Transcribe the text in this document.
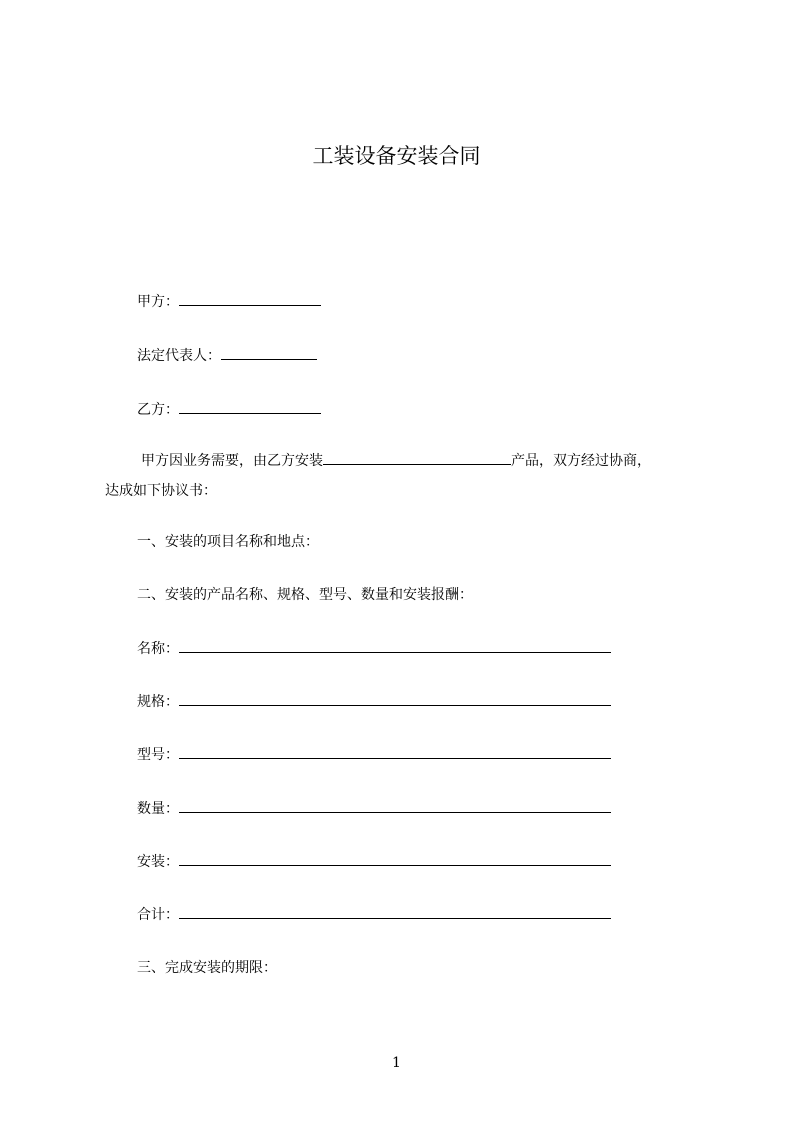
工装设备安装合同
甲方：
法定代表人：
乙方：
甲方因业务需要，由乙方安装	产品，双方经过协商，
达成如下协议书：
一、安装的项目名称和地点：
二、安装的产品名称、规格、型号、数量和安装报酬：
名称：
规格：
型号：
数量：
安装：
合计：
三、完成安装的期限：
1
